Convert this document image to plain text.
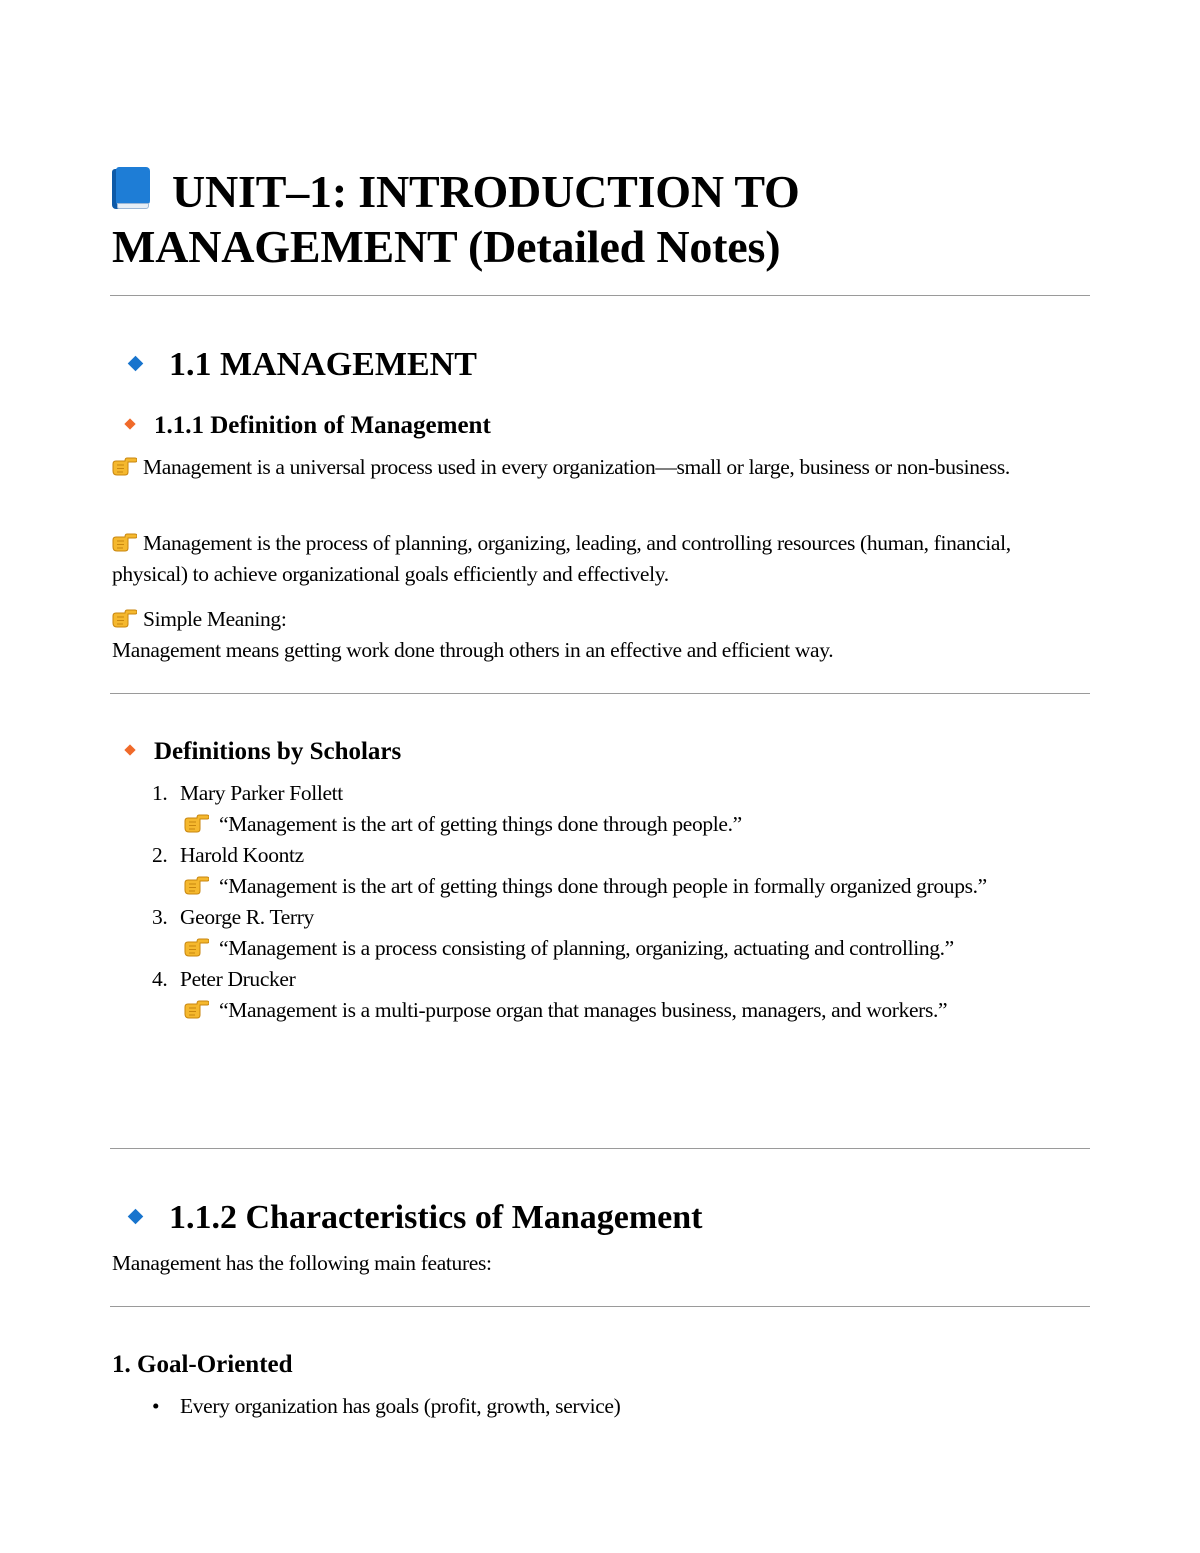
UNIT–1: INTRODUCTION TO MANAGEMENT (Detailed Notes)
1.1 MANAGEMENT
1.1.1 Definition of Management

Management is a universal process used in every organization—small or large, business or non-business.

Management is the process of planning, organizing, leading, and controlling resources (human, financial, physical) to achieve organizational goals efficiently and effectively.

Simple Meaning:
Management means getting work done through others in an effective and efficient way.

Definitions by Scholars
1. Mary Parker Follett

“Management is the art of getting things done through people.”
2. Harold Koontz

“Management is the art of getting things done through people in formally organized groups.”
3. George R. Terry

“Management is a process consisting of planning, organizing, actuating and controlling.”
4. Peter Drucker

“Management is a multi-purpose organ that manages business, managers, and workers.”
1.1.2 Characteristics of Management

Management has the following main features:

1. Goal-Oriented
• Every organization has goals (profit, growth, service)
